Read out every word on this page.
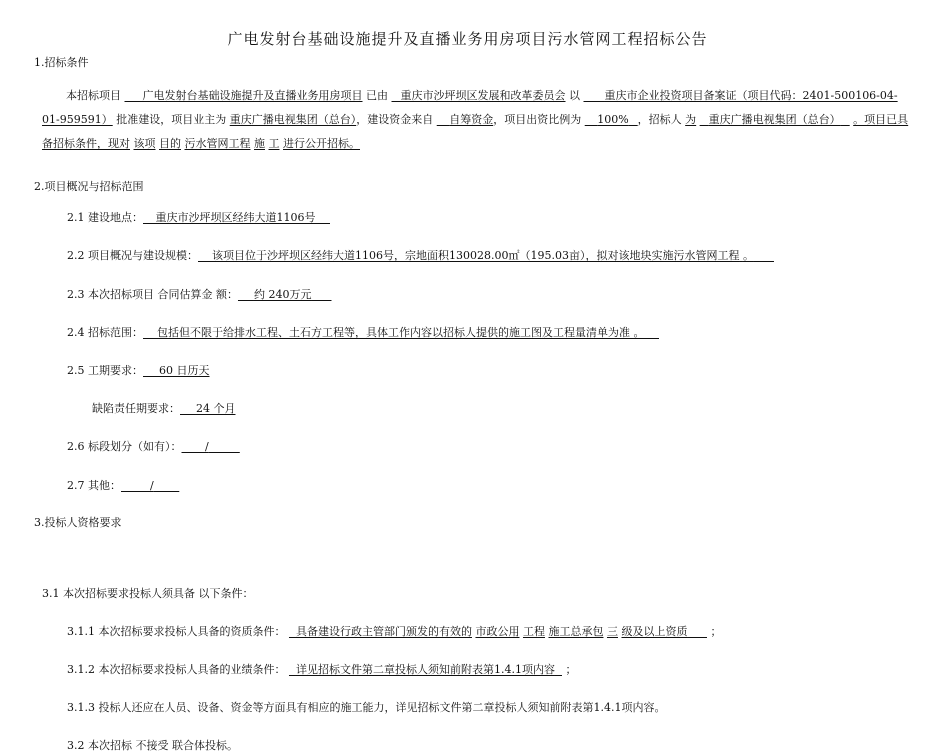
广电发射台基础设施提升及直播业务用房项目污水管网工程招标公告
1.招标条件
本招标项目  __ 广电发射台基础设施提升及直播业务用房项目 已由 _ 重庆市沙坪坝区发展和改革委员会 以 重庆市企业投资项目备案证（项目代码：2401-500106-04-01-959591） 批准建设，项目业主为 重庆广播电视集团（总台），建设资金来自  _ 自筹资金，项目出资比例为  _ 100% _，招标人 为 _ 重庆广播电视集团（总台） _ 。项目已具备招标条件，现对 该项 目的 污水管网工程 施 工 进行公开招标。
2.项目概况与招标范围
2.1 建设地点： _ 重庆市沙坪坝区经纬大道1106号 __
2.2 项目概况与建设规模： 该项目位于沙坪坝区经纬大道1106号，宗地面积130028.00㎡（195.03亩），拟对该地块实施污水管网工程 。_ __
2.3 本次招标项目 合同估算金 额： _  约 240万元 ___
2.4 招标范围： 包括但不限于给排水工程、土石方工程等，具体工作内容以招标人提供的施工图及工程量清单为准 。 __
2.5 工期要求： _  60 日历天
缺陷责任期要求： _  24 个月
2.6 标段划分（如有）： ___ / _____
2.7 其他： ____ / ____
3.投标人资格要求
3.1 本次招标要求投标人须具备 以下条件：
3.1.1 本次招标要求投标人具备的资质条件： 具备建设行政主管部门颁发的有效的 市政公用 工程 施工总承包 三 级及以上资质    _ ；
3.1.2 本次招标要求投标人具备的业绩条件： 详见招标文件第二章投标人须知前附表第1.4.1项内容 ；
3.1.3 投标人还应在人员、设备、资金等方面具有相应的施工能力，详见招标文件第二章投标人须知前附表第1.4.1项内容。
3.2 本次招标 不接受 联合体投标。
